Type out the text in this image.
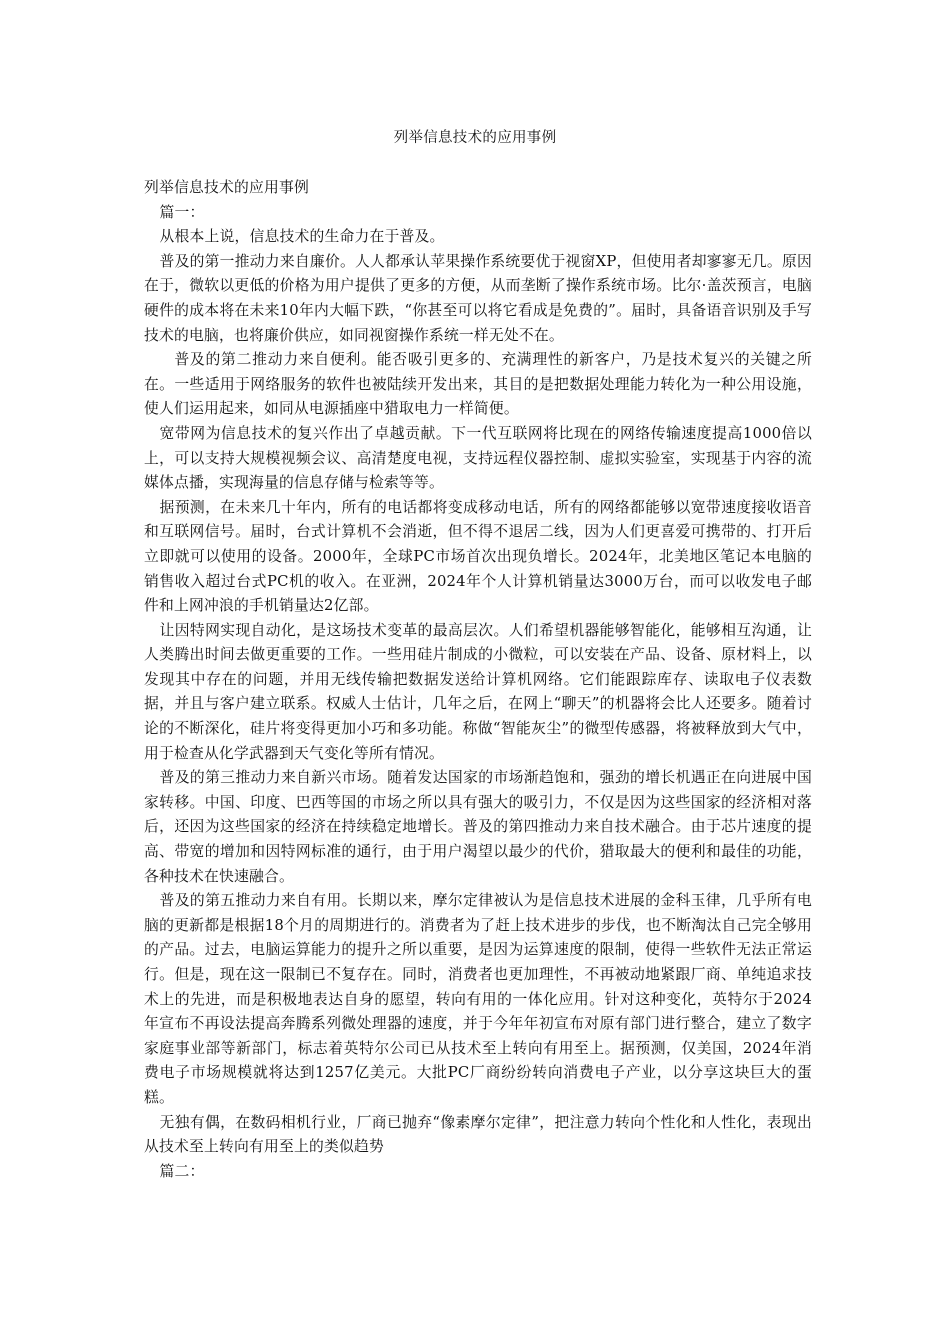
列举信息技术的应用事例

列举信息技术的应用事例

篇一：

从根本上说，信息技术的生命力在于普及。

普及的第一推动力来自廉价。人人都承认苹果操作系统要优于视窗XP，但使用者却寥寥无几。原因在于，微软以更低的价格为用户提供了更多的方便，从而垄断了操作系统市场。比尔·盖茨预言，电脑硬件的成本将在未来10年内大幅下跌，“你甚至可以将它看成是免费的”。届时，具备语音识别及手写技术的电脑，也将廉价供应，如同视窗操作系统一样无处不在。

普及的第二推动力来自便利。能否吸引更多的、充满理性的新客户，乃是技术复兴的关键之所在。一些适用于网络服务的软件也被陆续开发出来，其目的是把数据处理能力转化为一种公用设施，使人们运用起来，如同从电源插座中猎取电力一样简便。

宽带网为信息技术的复兴作出了卓越贡献。下一代互联网将比现在的网络传输速度提高1000倍以上，可以支持大规模视频会议、高清楚度电视，支持远程仪器控制、虚拟实验室，实现基于内容的流媒体点播，实现海量的信息存储与检索等等。

据预测，在未来几十年内，所有的电话都将变成移动电话，所有的网络都能够以宽带速度接收语音和互联网信号。届时，台式计算机不会消逝，但不得不退居二线，因为人们更喜爱可携带的、打开后立即就可以使用的设备。2000年，全球PC市场首次出现负增长。2024年，北美地区笔记本电脑的销售收入超过台式PC机的收入。在亚洲，2024年个人计算机销量达3000万台，而可以收发电子邮件和上网冲浪的手机销量达2亿部。

让因特网实现自动化，是这场技术变革的最高层次。人们希望机器能够智能化，能够相互沟通，让人类腾出时间去做更重要的工作。一些用硅片制成的小微粒，可以安装在产品、设备、原材料上，以发现其中存在的问题，并用无线传输把数据发送给计算机网络。它们能跟踪库存、读取电子仪表数据，并且与客户建立联系。权威人士估计，几年之后，在网上“聊天”的机器将会比人还要多。随着讨论的不断深化，硅片将变得更加小巧和多功能。称做“智能灰尘”的微型传感器，将被释放到大气中，用于检查从化学武器到天气变化等所有情况。

普及的第三推动力来自新兴市场。随着发达国家的市场渐趋饱和，强劲的增长机遇正在向进展中国家转移。中国、印度、巴西等国的市场之所以具有强大的吸引力，不仅是因为这些国家的经济相对落后，还因为这些国家的经济在持续稳定地增长。普及的第四推动力来自技术融合。由于芯片速度的提高、带宽的增加和因特网标准的通行，由于用户渴望以最少的代价，猎取最大的便利和最佳的功能，各种技术在快速融合。

普及的第五推动力来自有用。长期以来，摩尔定律被认为是信息技术进展的金科玉律，几乎所有电脑的更新都是根据18个月的周期进行的。消费者为了赶上技术进步的步伐，也不断淘汰自己完全够用的产品。过去，电脑运算能力的提升之所以重要，是因为运算速度的限制，使得一些软件无法正常运行。但是，现在这一限制已不复存在。同时，消费者也更加理性，不再被动地紧跟厂商、单纯追求技术上的先进，而是积极地表达自身的愿望，转向有用的一体化应用。针对这种变化，英特尔于2024年宣布不再设法提高奔腾系列微处理器的速度，并于今年年初宣布对原有部门进行整合，建立了数字家庭事业部等新部门，标志着英特尔公司已从技术至上转向有用至上。据预测，仅美国，2024年消费电子市场规模就将达到1257亿美元。大批PC厂商纷纷转向消费电子产业，以分享这块巨大的蛋糕。

无独有偶，在数码相机行业，厂商已抛弃“像素摩尔定律”，把注意力转向个性化和人性化，表现出从技术至上转向有用至上的类似趋势

篇二：
